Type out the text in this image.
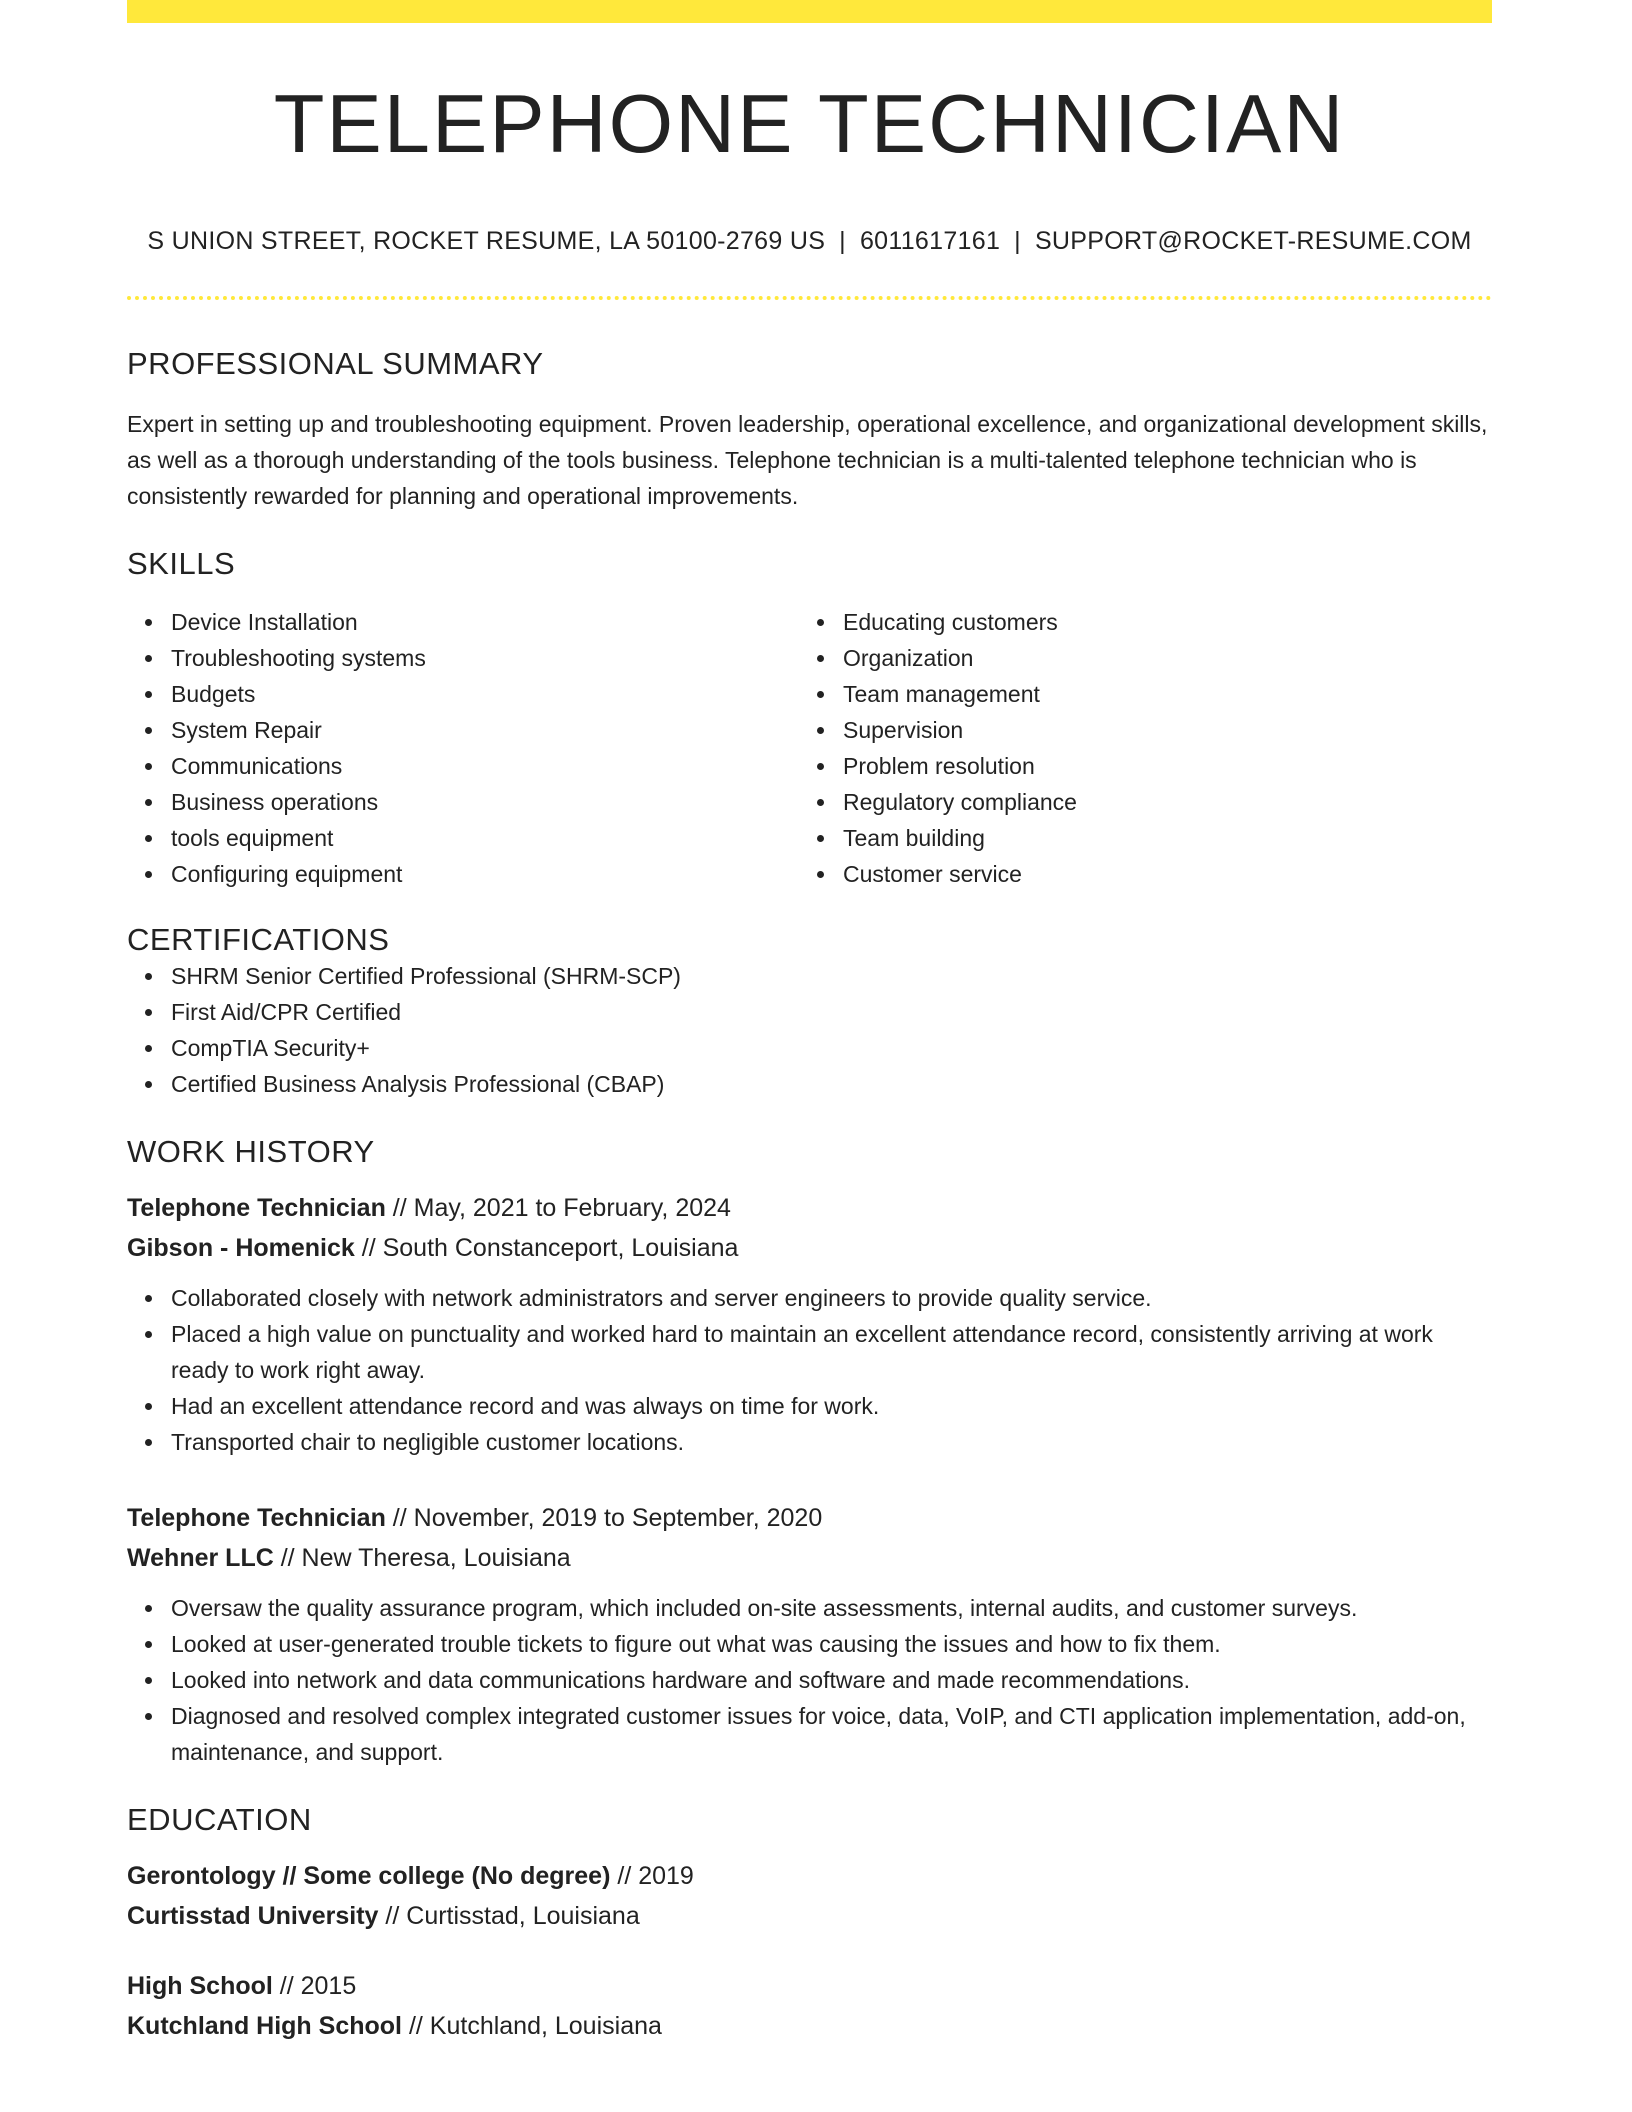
TELEPHONE TECHNICIAN
S UNION STREET, ROCKET RESUME, LA 50100-2769 US | 6011617161 | SUPPORT@ROCKET-RESUME.COM
PROFESSIONAL SUMMARY
Expert in setting up and troubleshooting equipment. Proven leadership, operational excellence, and organizational development skills, as well as a thorough understanding of the tools business. Telephone technician is a multi-talented telephone technician who is consistently rewarded for planning and operational improvements.
SKILLS
Device Installation
Troubleshooting systems
Budgets
System Repair
Communications
Business operations
tools equipment
Configuring equipment
Educating customers
Organization
Team management
Supervision
Problem resolution
Regulatory compliance
Team building
Customer service
CERTIFICATIONS
SHRM Senior Certified Professional (SHRM-SCP)
First Aid/CPR Certified
CompTIA Security+
Certified Business Analysis Professional (CBAP)
WORK HISTORY
Telephone Technician // May, 2021 to February, 2024
Gibson - Homenick // South Constanceport, Louisiana
Collaborated closely with network administrators and server engineers to provide quality service.
Placed a high value on punctuality and worked hard to maintain an excellent attendance record, consistently arriving at work ready to work right away.
Had an excellent attendance record and was always on time for work.
Transported chair to negligible customer locations.
Telephone Technician // November, 2019 to September, 2020
Wehner LLC // New Theresa, Louisiana
Oversaw the quality assurance program, which included on-site assessments, internal audits, and customer surveys.
Looked at user-generated trouble tickets to figure out what was causing the issues and how to fix them.
Looked into network and data communications hardware and software and made recommendations.
Diagnosed and resolved complex integrated customer issues for voice, data, VoIP, and CTI application implementation, add-on, maintenance, and support.
EDUCATION
Gerontology // Some college (No degree) // 2019
Curtisstad University // Curtisstad, Louisiana
High School // 2015
Kutchland High School // Kutchland, Louisiana
